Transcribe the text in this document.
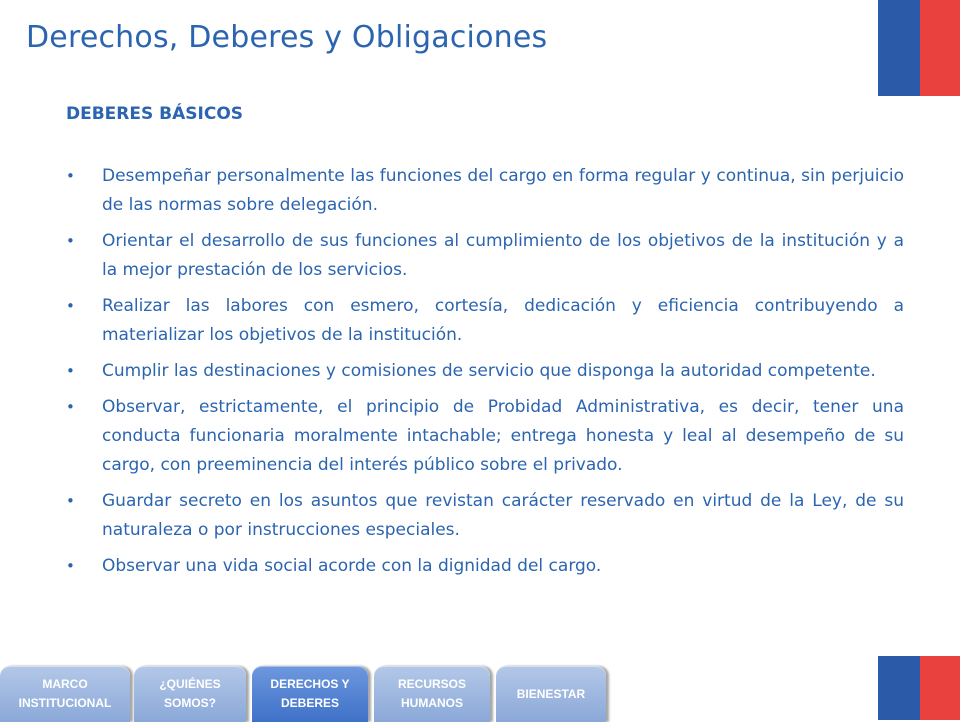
Derechos, Deberes y Obligaciones
DEBERES BÁSICOS
• Desempeñar personalmente las funciones del cargo en forma regular y continua, sin perjuicio de las normas sobre delegación.
• Orientar el desarrollo de sus funciones al cumplimiento de los objetivos de la institución y a la mejor prestación de los servicios.
• Realizar las labores con esmero, cortesía, dedicación y eficiencia contribuyendo a materializar los objetivos de la institución.
• Cumplir las destinaciones y comisiones de servicio que disponga la autoridad competente.
• Observar, estrictamente, el principio de Probidad Administrativa, es decir, tener una conducta funcionaria moralmente intachable; entrega honesta y leal al desempeño de su cargo, con preeminencia del interés público sobre el privado.
• Guardar secreto en los asuntos que revistan carácter reservado en virtud de la Ley, de su naturaleza o por instrucciones especiales.
• Observar una vida social acorde con la dignidad del cargo.
MARCO
INSTITUCIONAL
¿QUIÉNES
SOMOS?
DERECHOS Y
DEBERES
RECURSOS
HUMANOS
BIENESTAR
